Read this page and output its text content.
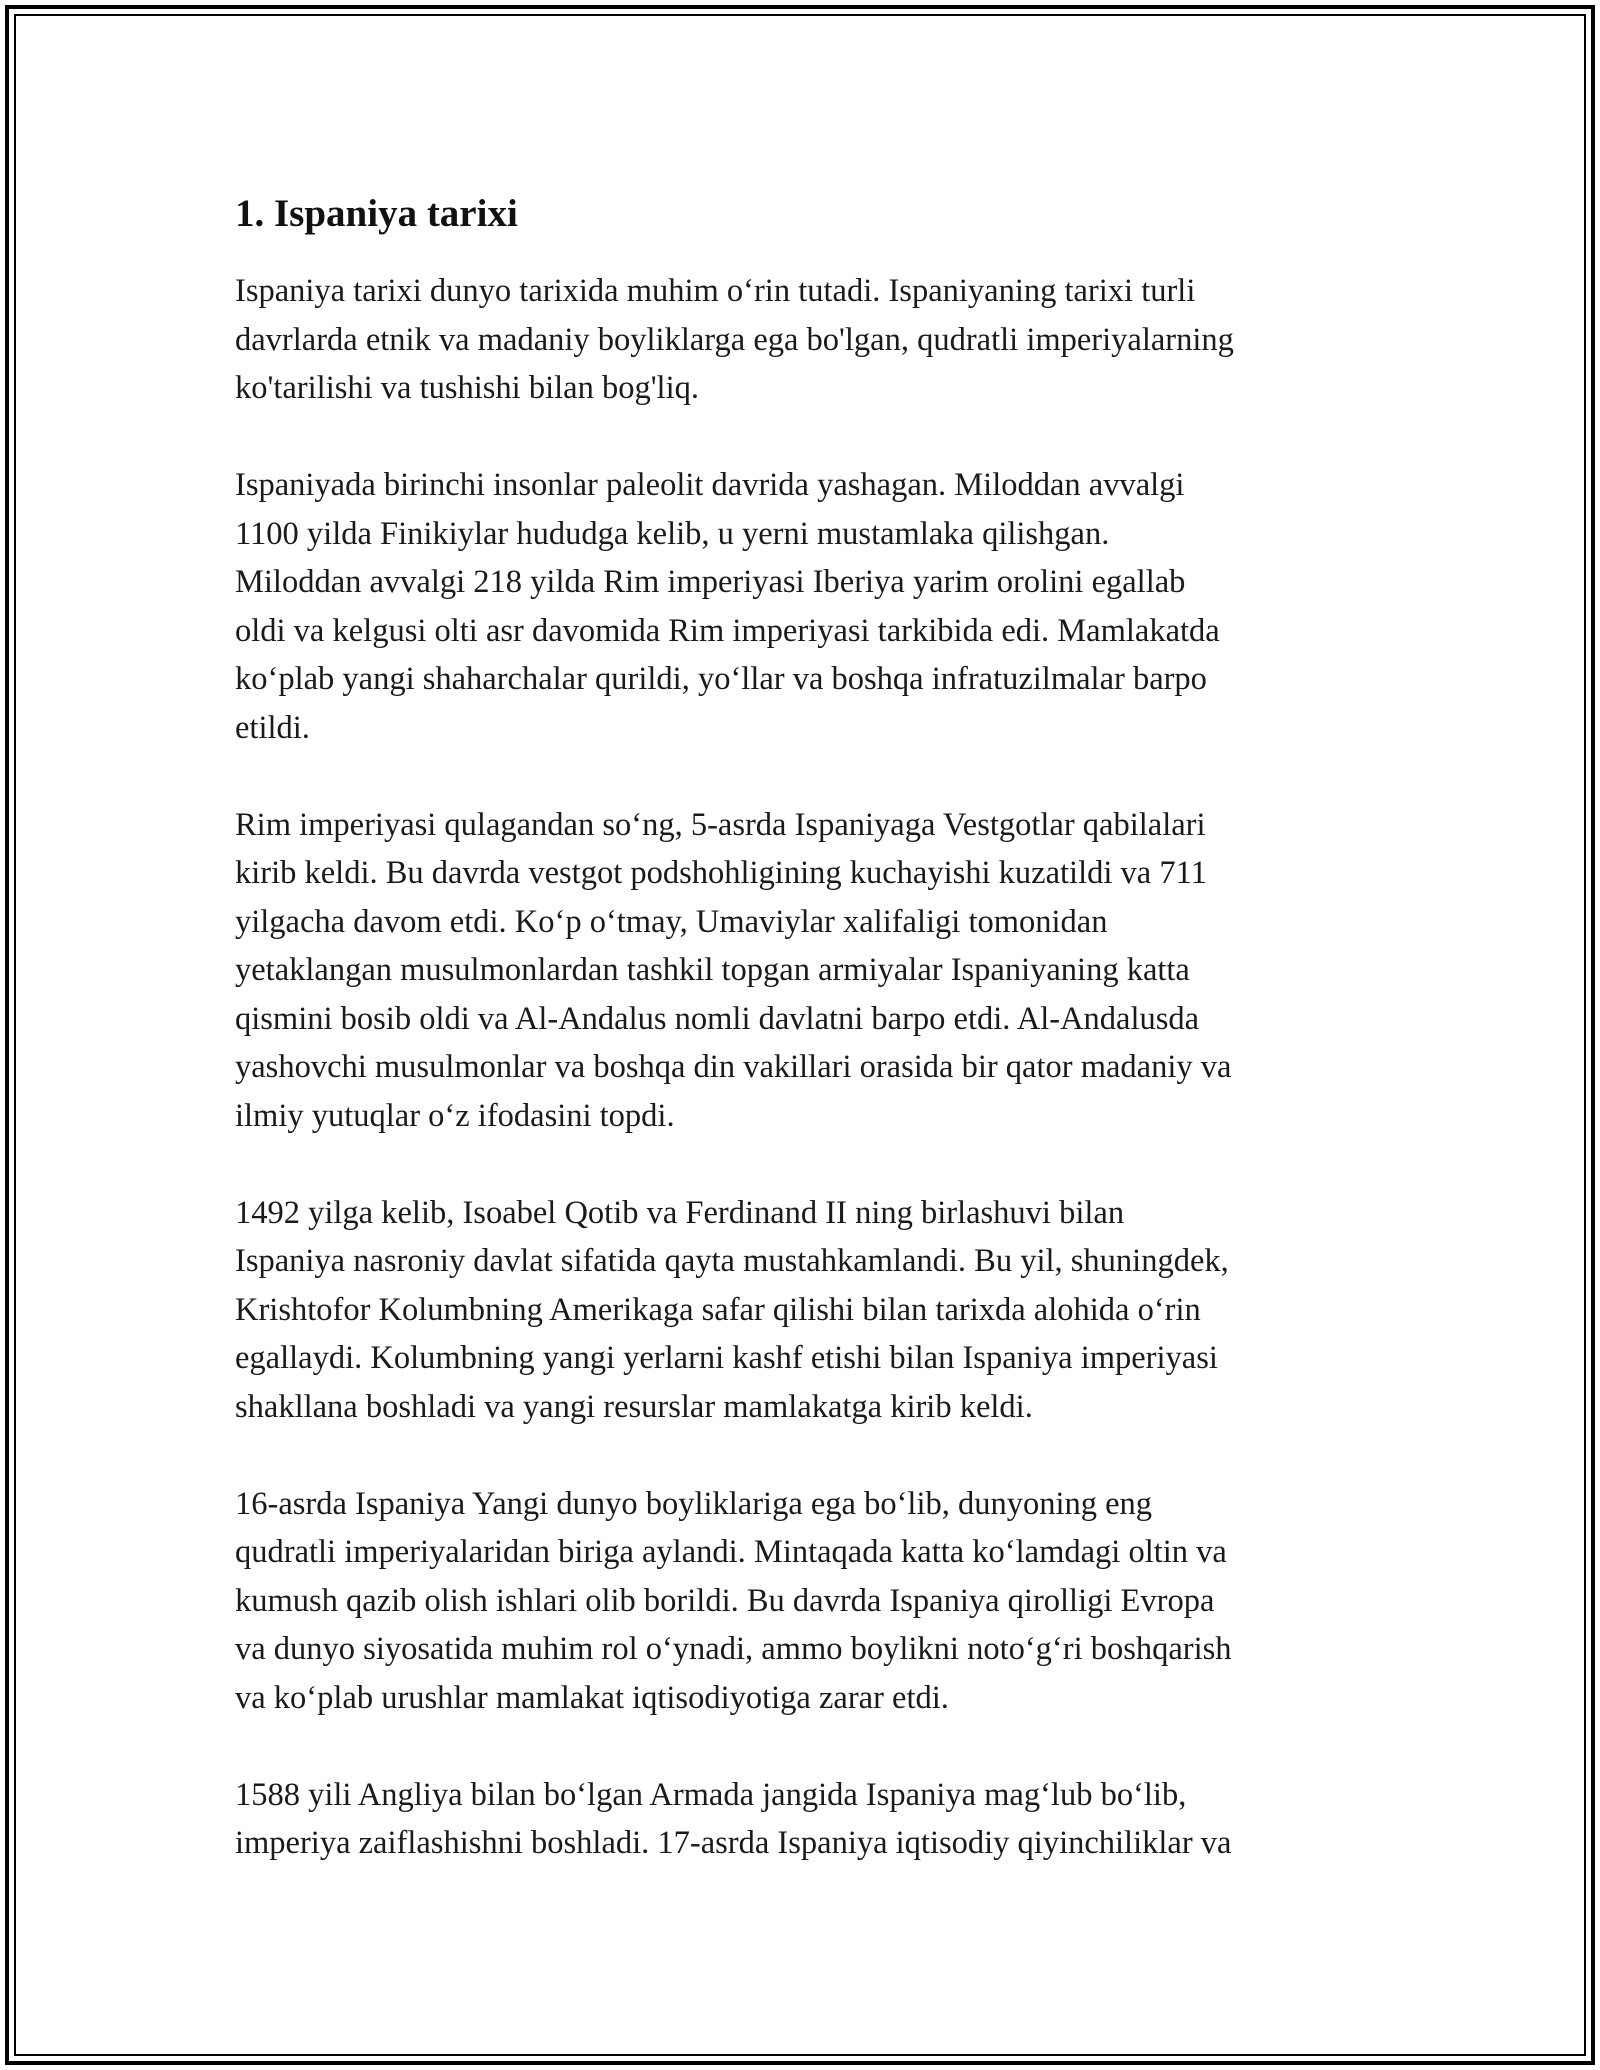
1. Ispaniya tarixi

Ispaniya tarixi dunyo tarixida muhim oʻrin tutadi. Ispaniyaning tarixi turli
davrlarda etnik va madaniy boyliklarga ega bo'lgan, qudratli imperiyalarning
ko'tarilishi va tushishi bilan bog'liq.

Ispaniyada birinchi insonlar paleolit davrida yashagan. Miloddan avvalgi
1100 yilda Finikiylar hududga kelib, u yerni mustamlaka qilishgan.
Miloddan avvalgi 218 yilda Rim imperiyasi Iberiya yarim orolini egallab
oldi va kelgusi olti asr davomida Rim imperiyasi tarkibida edi. Mamlakatda
koʻplab yangi shaharchalar qurildi, yoʻllar va boshqa infratuzilmalar barpo
etildi.

Rim imperiyasi qulagandan soʻng, 5-asrda Ispaniyaga Vestgotlar qabilalari
kirib keldi. Bu davrda vestgot podshohligining kuchayishi kuzatildi va 711
yilgacha davom etdi. Koʻp oʻtmay, Umaviylar xalifaligi tomonidan
yetaklangan musulmonlardan tashkil topgan armiyalar Ispaniyaning katta
qismini bosib oldi va Al-Andalus nomli davlatni barpo etdi. Al-Andalusda
yashovchi musulmonlar va boshqa din vakillari orasida bir qator madaniy va
ilmiy yutuqlar oʻz ifodasini topdi.

1492 yilga kelib, Isoabel Qotib va Ferdinand II ning birlashuvi bilan
Ispaniya nasroniy davlat sifatida qayta mustahkamlandi. Bu yil, shuningdek,
Krishtofor Kolumbning Amerikaga safar qilishi bilan tarixda alohida oʻrin
egallaydi. Kolumbning yangi yerlarni kashf etishi bilan Ispaniya imperiyasi
shakllana boshladi va yangi resurslar mamlakatga kirib keldi.

16-asrda Ispaniya Yangi dunyo boyliklariga ega boʻlib, dunyoning eng
qudratli imperiyalaridan biriga aylandi. Mintaqada katta koʻlamdagi oltin va
kumush qazib olish ishlari olib borildi. Bu davrda Ispaniya qirolligi Evropa
va dunyo siyosatida muhim rol oʻynadi, ammo boylikni notoʻgʻri boshqarish
va koʻplab urushlar mamlakat iqtisodiyotiga zarar etdi.

1588 yili Angliya bilan boʻlgan Armada jangida Ispaniya magʻlub boʻlib,
imperiya zaiflashishni boshladi. 17-asrda Ispaniya iqtisodiy qiyinchiliklar va
